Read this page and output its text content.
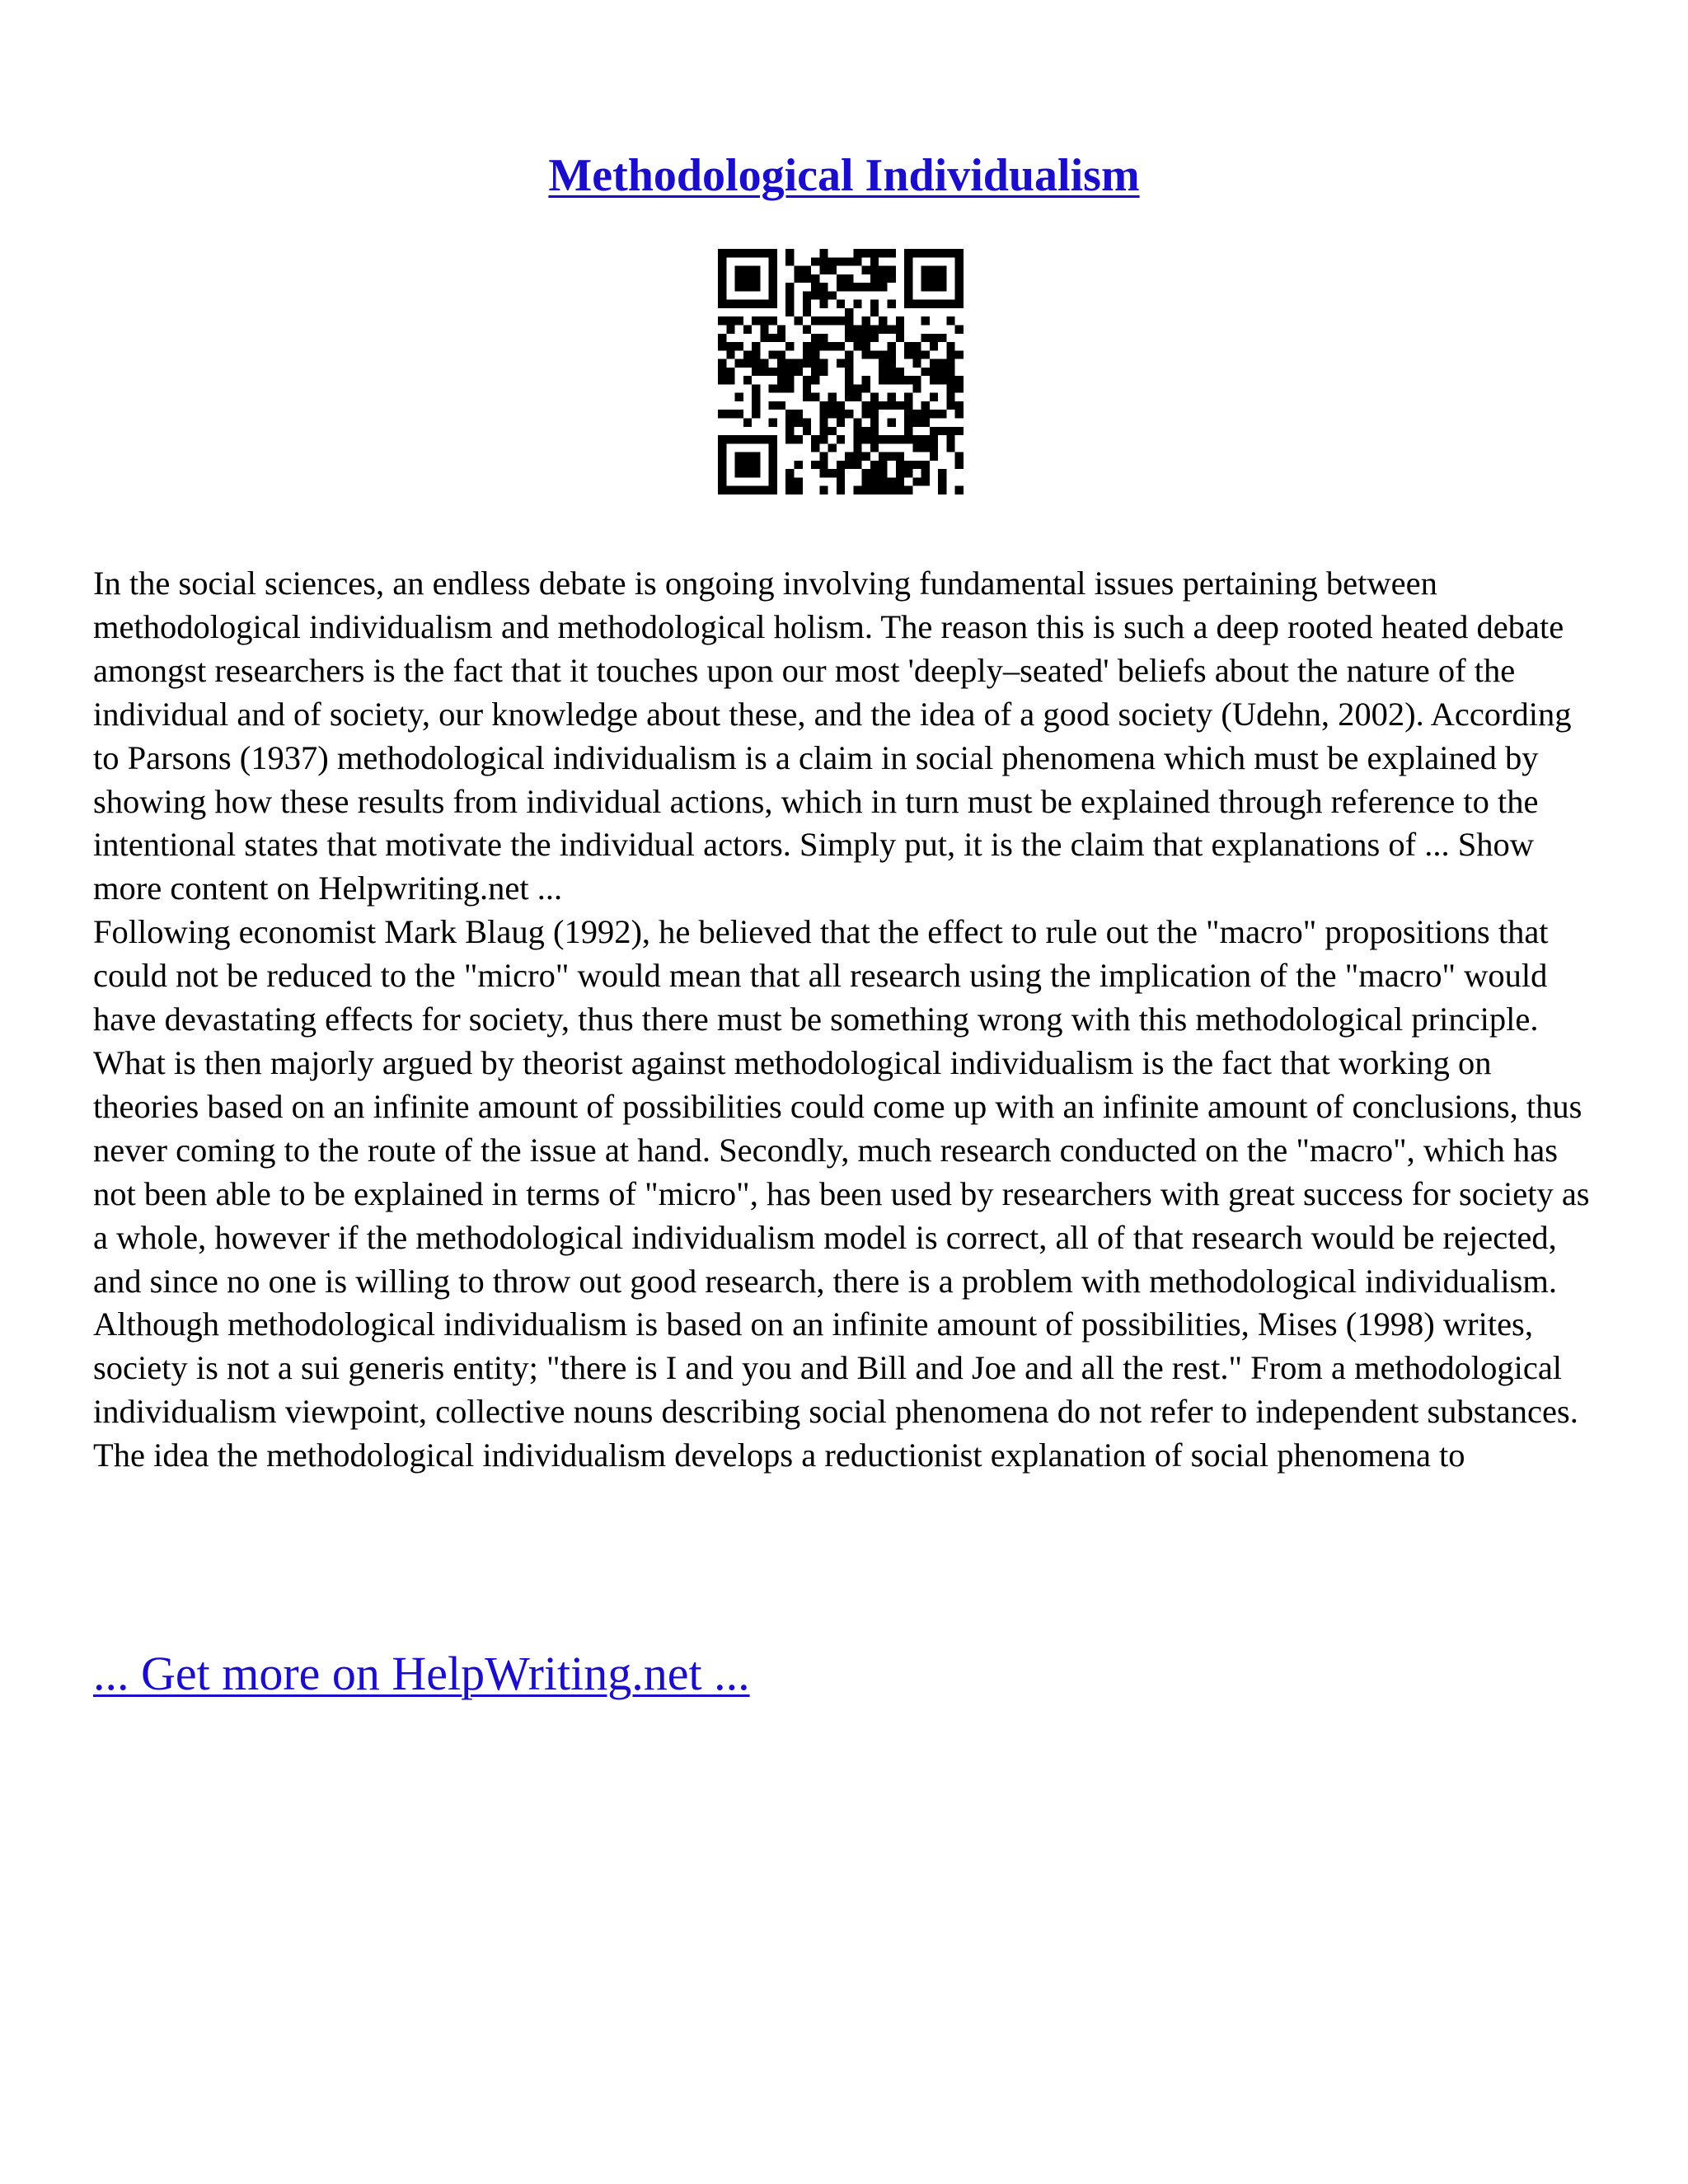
Methodological Individualism

In the social sciences, an endless debate is ongoing involving fundamental issues pertaining between methodological individualism and methodological holism. The reason this is such a deep rooted heated debate amongst researchers is the fact that it touches upon our most 'deeply–seated' beliefs about the nature of the individual and of society, our knowledge about these, and the idea of a good society (Udehn, 2002). According to Parsons (1937) methodological individualism is a claim in social phenomena which must be explained by showing how these results from individual actions, which in turn must be explained through reference to the intentional states that motivate the individual actors. Simply put, it is the claim that explanations of ... Show more content on Helpwriting.net ...

Following economist Mark Blaug (1992), he believed that the effect to rule out the "macro" propositions that could not be reduced to the "micro" would mean that all research using the implication of the "macro" would have devastating effects for society, thus there must be something wrong with this methodological principle. What is then majorly argued by theorist against methodological individualism is the fact that working on theories based on an infinite amount of possibilities could come up with an infinite amount of conclusions, thus never coming to the route of the issue at hand. Secondly, much research conducted on the "macro", which has not been able to be explained in terms of "micro", has been used by researchers with great success for society as a whole, however if the methodological individualism model is correct, all of that research would be rejected, and since no one is willing to throw out good research, there is a problem with methodological individualism. Although methodological individualism is based on an infinite amount of possibilities, Mises (1998) writes, society is not a sui generis entity; "there is I and you and Bill and Joe and all the rest." From a methodological individualism viewpoint, collective nouns describing social phenomena do not refer to independent substances. The idea the methodological individualism develops a reductionist explanation of social phenomena to

... Get more on HelpWriting.net ...
